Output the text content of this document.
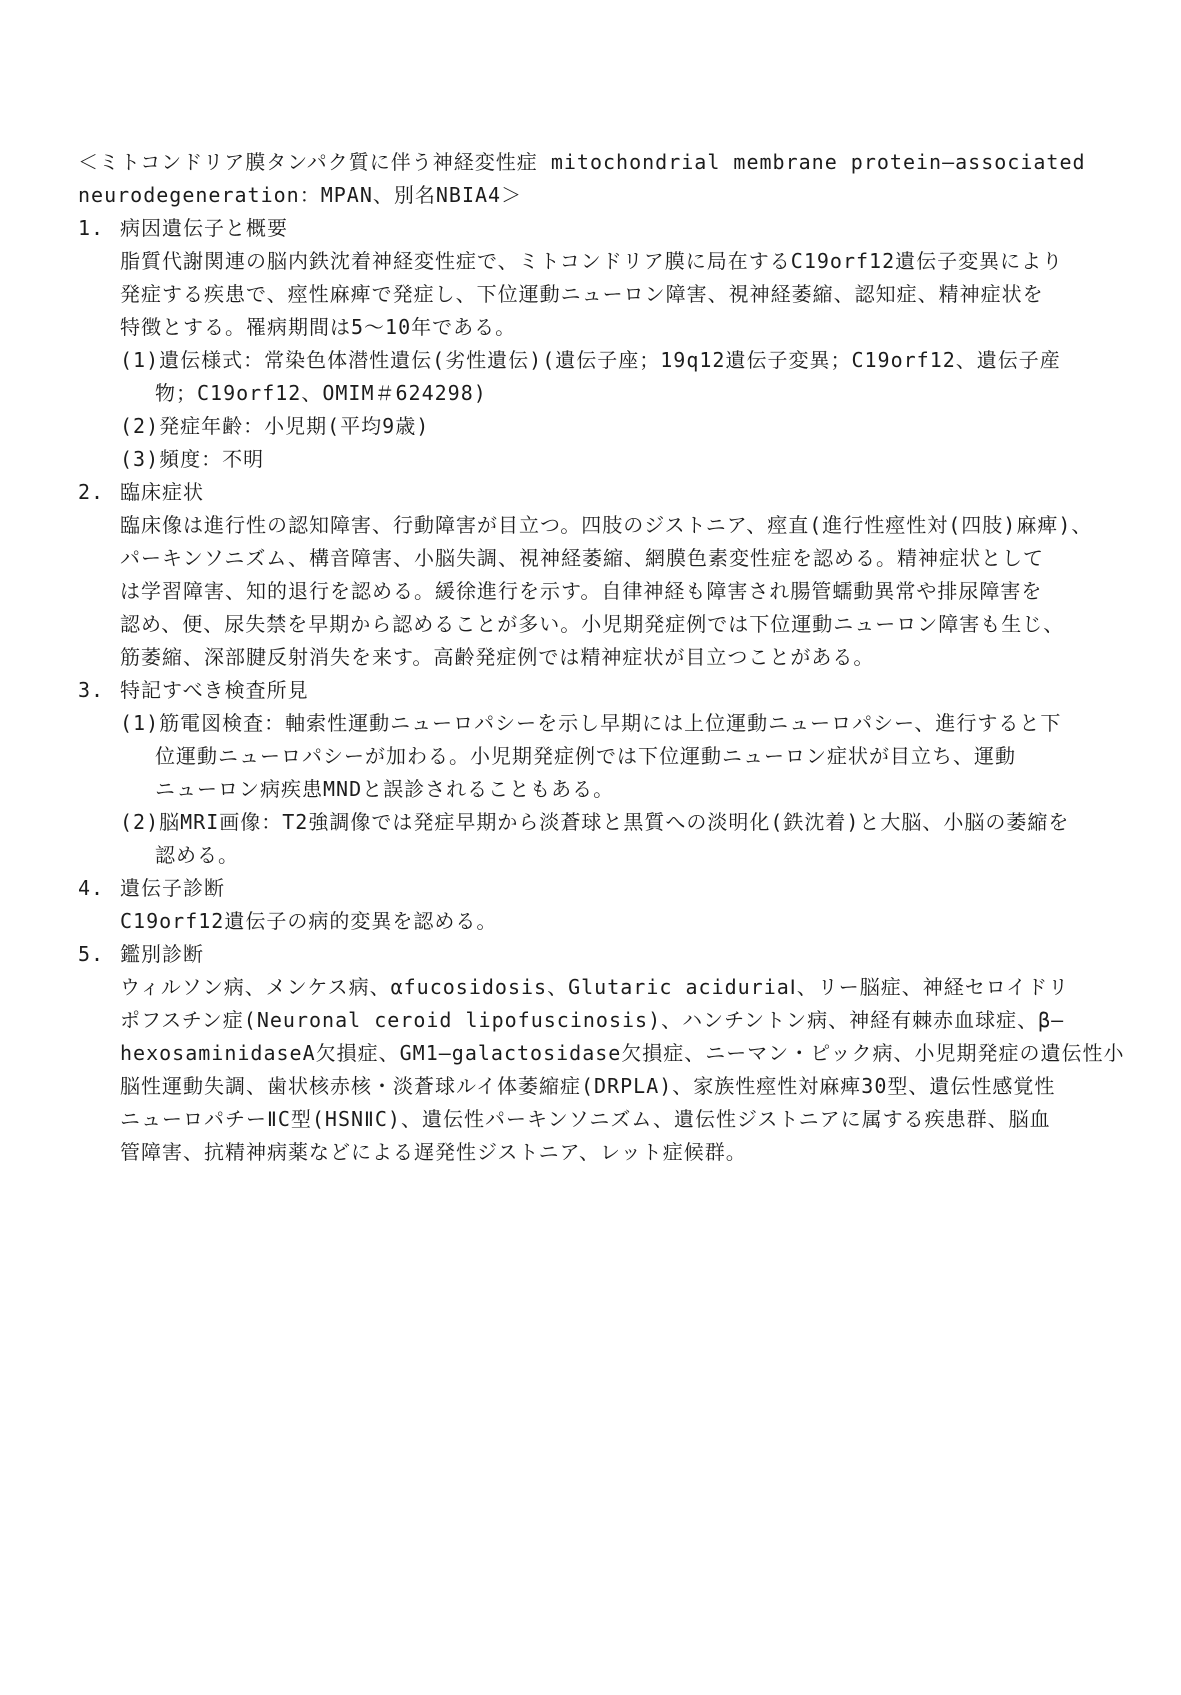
＜ミトコンドリア膜タンパク質に伴う神経変性症 mitochondrial membrane protein―associated
neurodegeneration：MPAN、別名NBIA4＞
1. 病因遺伝子と概要
脂質代謝関連の脳内鉄沈着神経変性症で、ミトコンドリア膜に局在するC19orf12遺伝子変異により
発症する疾患で、痙性麻痺で発症し、下位運動ニューロン障害、視神経萎縮、認知症、精神症状を
特徴とする。罹病期間は5〜10年である。
(1)遺伝様式：常染色体潜性遺伝(劣性遺伝)(遺伝子座；19q12遺伝子変異；C19orf12、遺伝子産
物；C19orf12、OMIM＃624298)
(2)発症年齢：小児期(平均9歳)
(3)頻度：不明
2. 臨床症状
臨床像は進行性の認知障害、行動障害が目立つ。四肢のジストニア、痙直(進行性痙性対(四肢)麻痺)、
パーキンソニズム、構音障害、小脳失調、視神経萎縮、網膜色素変性症を認める。精神症状として
は学習障害、知的退行を認める。緩徐進行を示す。自律神経も障害され腸管蠕動異常や排尿障害を
認め、便、尿失禁を早期から認めることが多い。小児期発症例では下位運動ニューロン障害も生じ、
筋萎縮、深部腱反射消失を来す。高齢発症例では精神症状が目立つことがある。
3. 特記すべき検査所見
(1)筋電図検査：軸索性運動ニューロパシーを示し早期には上位運動ニューロパシー、進行すると下
位運動ニューロパシーが加わる。小児期発症例では下位運動ニューロン症状が目立ち、運動
ニューロン病疾患MNDと誤診されることもある。
(2)脳MRI画像：T2強調像では発症早期から淡蒼球と黒質への淡明化(鉄沈着)と大脳、小脳の萎縮を
認める。
4. 遺伝子診断
C19orf12遺伝子の病的変異を認める。
5. 鑑別診断
ウィルソン病、メンケス病、αfucosidosis、Glutaric aciduriaⅠ、リー脳症、神経セロイドリ
ポフスチン症(Neuronal ceroid lipofuscinosis)、ハンチントン病、神経有棘赤血球症、β―
hexosaminidaseA欠損症、GM1―galactosidase欠損症、ニーマン・ピック病、小児期発症の遺伝性小
脳性運動失調、歯状核赤核・淡蒼球ルイ体萎縮症(DRPLA)、家族性痙性対麻痺30型、遺伝性感覚性
ニューロパチーⅡC型(HSNⅡC)、遺伝性パーキンソニズム、遺伝性ジストニアに属する疾患群、脳血
管障害、抗精神病薬などによる遅発性ジストニア、レット症候群。
